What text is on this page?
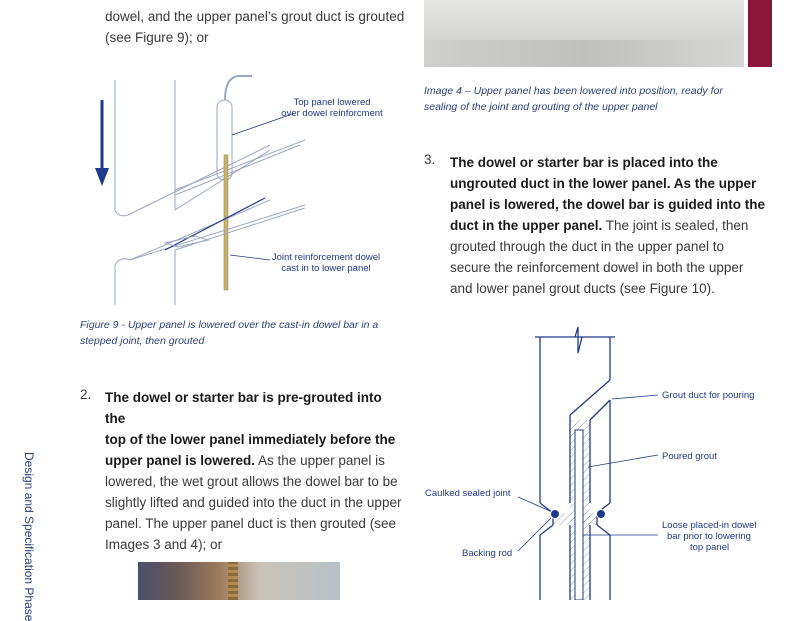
Design and Specification Phase
dowel, and the upper panel’s grout duct is grouted
(see Figure 9); or
Top panel lowered
over dowel reinforcment
Joint reinforcement dowel
cast in to lower panel
Figure 9 - Upper panel is lowered over the cast-in dowel bar in a
stepped joint, then grouted
2. The dowel or starter bar is pre-grouted into the
top of the lower panel immediately before the
upper panel is lowered. As the upper panel is
lowered, the wet grout allows the dowel bar to be
slightly lifted and guided into the duct in the upper
panel. The upper panel duct is then grouted (see
Images 3 and 4); or
Image 4 – Upper panel has been lowered into position, ready for
sealing of the joint and grouting of the upper panel
3. The dowel or starter bar is placed into the
ungrouted duct in the lower panel. As the upper
panel is lowered, the dowel bar is guided into the
duct in the upper panel. The joint is sealed, then
grouted through the duct in the upper panel to
secure the reinforcement dowel in both the upper
and lower panel grout ducts (see Figure 10).
Grout duct for pouring
Poured grout
Caulked sealed joint
Loose placed-in dowel
bar prior to lowering
top panel
Backing rod
